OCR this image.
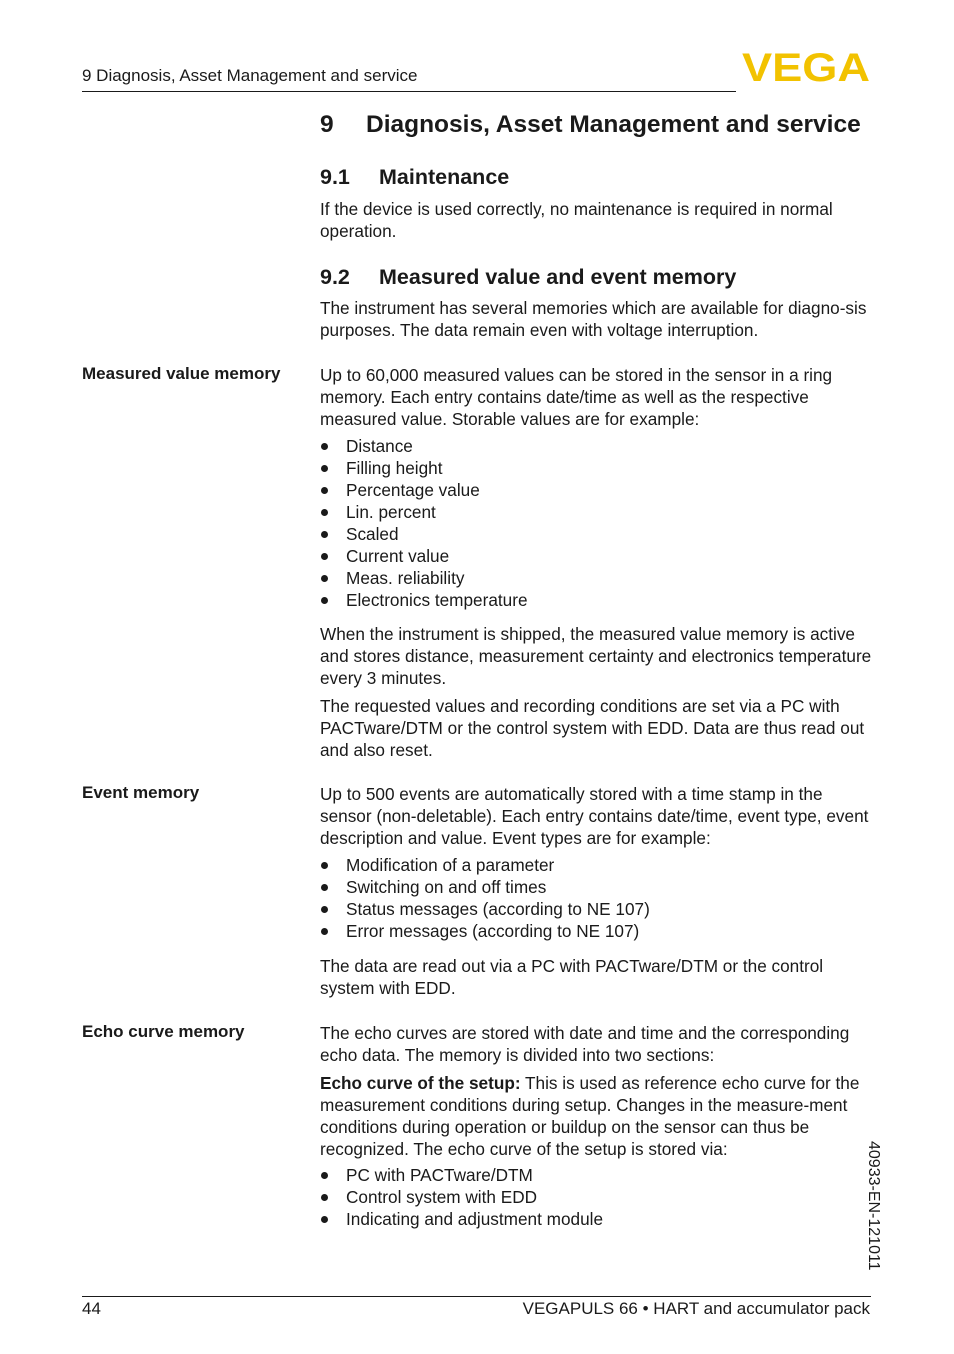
9 Diagnosis, Asset Management and service	VEGA
9 Diagnosis, Asset Management and service
9.1 Maintenance
If the device is used correctly, no maintenance is required in normal operation.
9.2 Measured value and event memory
The instrument has several memories which are available for diagno-sis purposes. The data remain even with voltage interruption.
Measured value memory Up to 60,000 measured values can be stored in the sensor in a ring memory. Each entry contains date/time as well as the respective measured value. Storable values are for example:
Distance
Filling height
Percentage value
Lin. percent
Scaled
Current value
Meas. reliability
Electronics temperature
When the instrument is shipped, the measured value memory is active and stores distance, measurement certainty and electronics temperature every 3 minutes.
The requested values and recording conditions are set via a PC with PACTware/DTM or the control system with EDD. Data are thus read out and also reset.
Event memory	Up to 500 events are automatically stored with a time stamp in the sensor (non-deletable). Each entry contains date/time, event type, event description and value. Event types are for example:
Modification of a parameter
Switching on and off times
Status messages (according to NE 107)
Error messages (according to NE 107)
The data are read out via a PC with PACTware/DTM or the control system with EDD.
Echo curve memory	The echo curves are stored with date and time and the corresponding echo data. The memory is divided into two sections:
Echo curve of the setup: This is used as reference echo curve for the measurement conditions during setup. Changes in the measure-ment conditions during operation or buildup on the sensor can thus be recognized. The echo curve of the setup is stored via:
PC with PACTware/DTM
Control system with EDD
Indicating and adjustment module	40933-EN-121011
44	VEGAPULS 66 • HART and accumulator pack
